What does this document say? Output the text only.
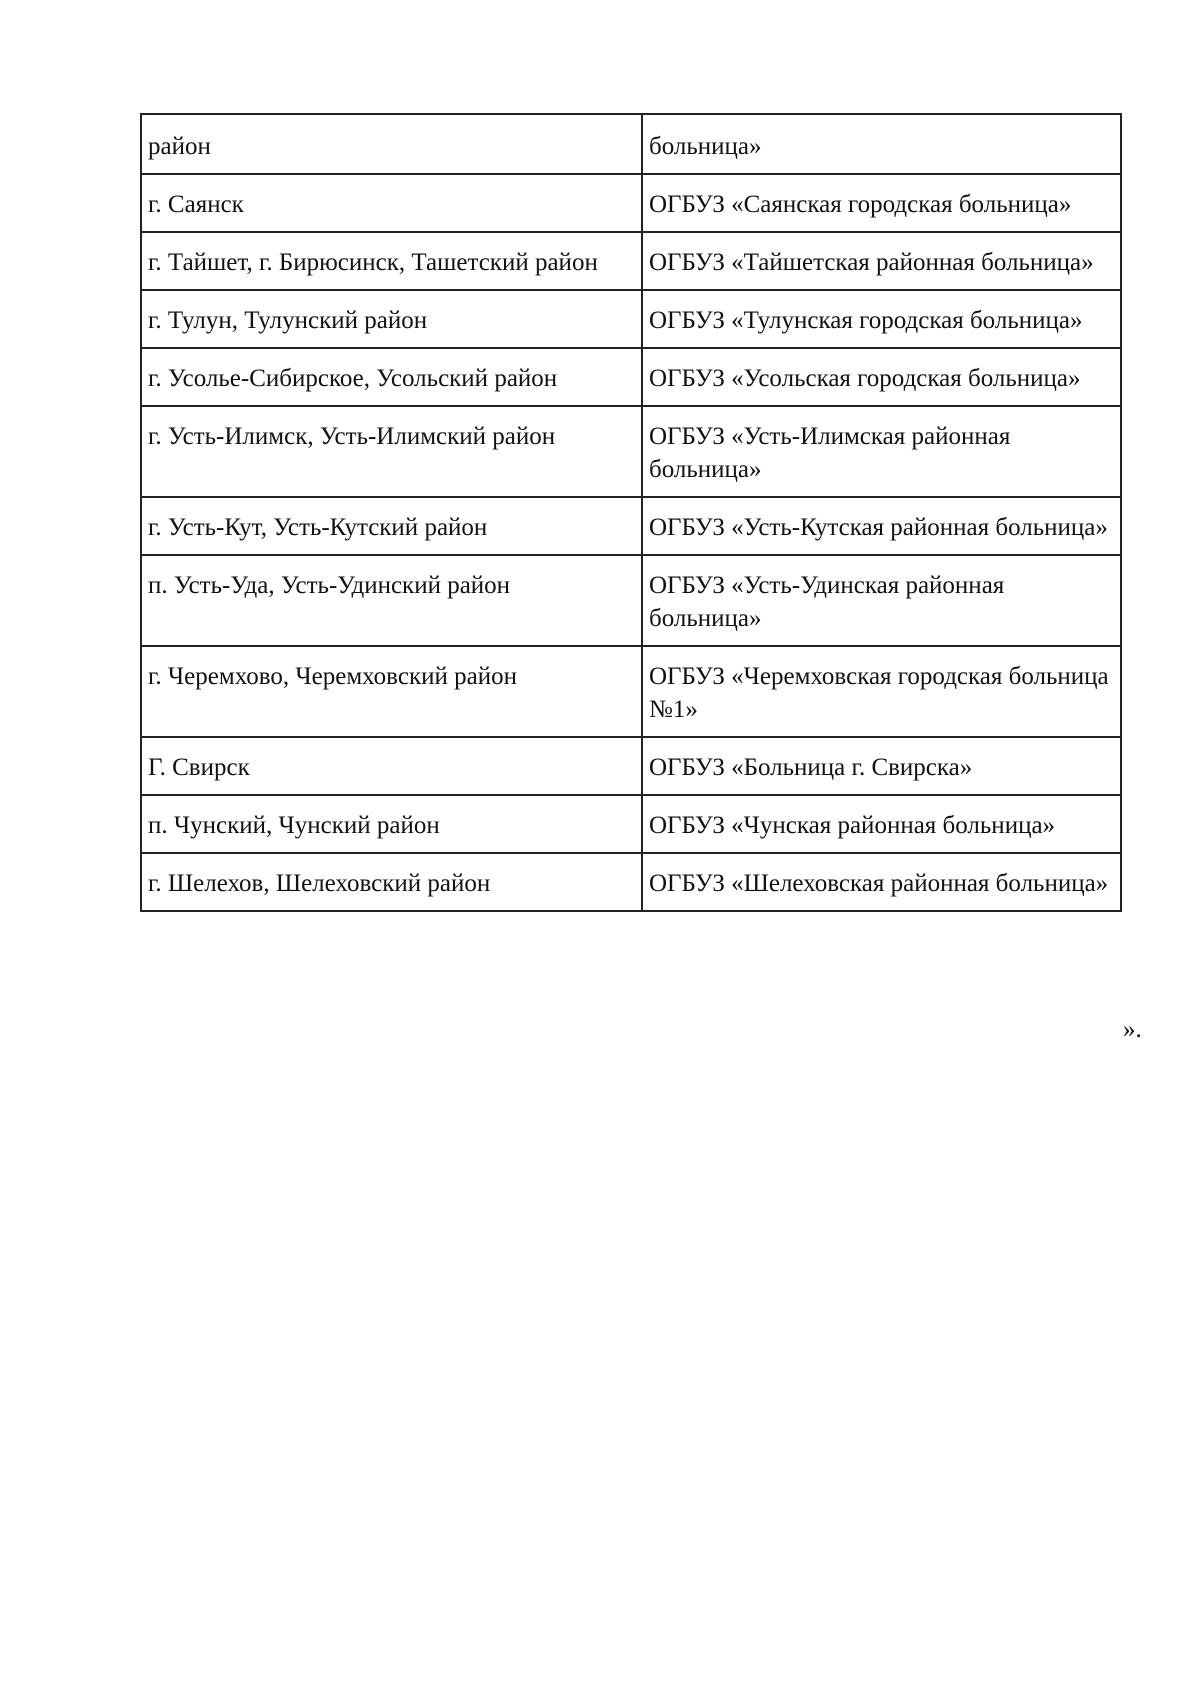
район	больница»
г. Саянск	ОГБУЗ «Саянская городская больница»
г. Тайшет, г. Бирюсинск, Ташетский район	ОГБУЗ «Тайшетская районная больница»
г. Тулун, Тулунский район	ОГБУЗ «Тулунская городская больница»
г. Усолье-Сибирское, Усольский район	ОГБУЗ «Усольская городская больница»
г. Усть-Илимск, Усть-Илимский район	ОГБУЗ «Усть-Илимская районная больница»
г. Усть-Кут, Усть-Кутский район	ОГБУЗ «Усть-Кутская районная больница»
п. Усть-Уда, Усть-Удинский район	ОГБУЗ «Усть-Удинская районная больница»
г. Черемхово, Черемховский район	ОГБУЗ «Черемховская городская больница №1»
Г. Свирск	ОГБУЗ «Больница г. Свирска»
п. Чунский, Чунский район	ОГБУЗ «Чунская районная больница»
г. Шелехов, Шелеховский район	ОГБУЗ «Шелеховская районная больница»
».
